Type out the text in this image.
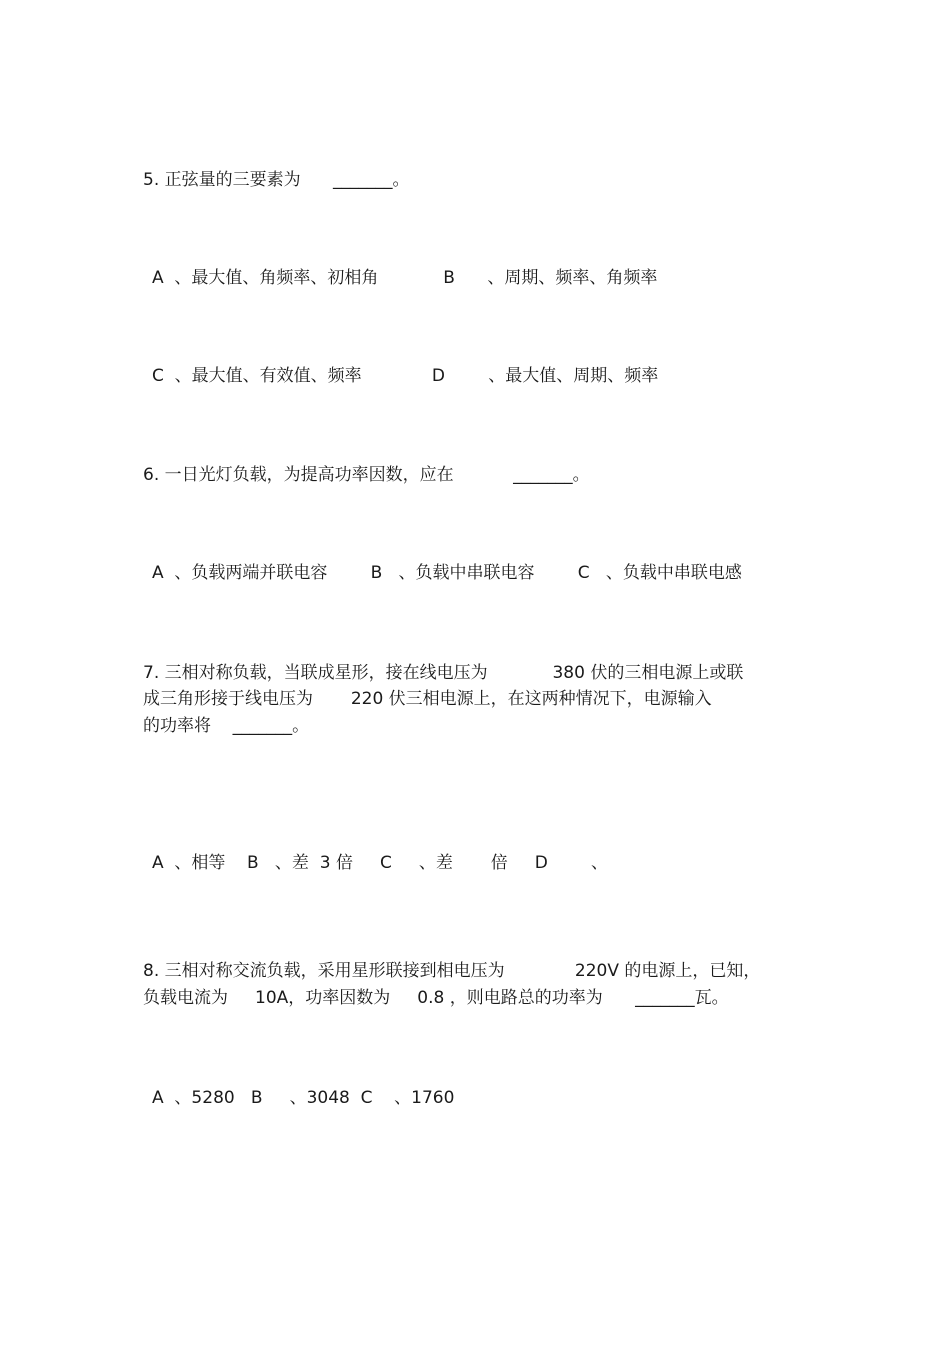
5. 正弦量的三要素为      _______。
A  、最大值、角频率、初相角            B      、周期、频率、角频率
C  、最大值、有效值、频率             D        、最大值、周期、频率
6. 一日光灯负载，为提高功率因数，应在           _______。
A  、负载两端并联电容        B   、负载中串联电容        C   、负载中串联电感
7. 三相对称负载，当联成星形，接在线电压为            380 伏的三相电源上或联
成三角形接于线电压为       220 伏三相电源上，在这两种情况下，电源输入
的功率将    _______。
A  、相等    B   、差  3 倍     C     、差       倍     D        、
8. 三相对称交流负载，采用星形联接到相电压为             220V 的电源上，已知，
负载电流为     10A，功率因数为     0.8 ，则电路总的功率为      _______瓦。
A  、5280   B     、3048  C    、1760
